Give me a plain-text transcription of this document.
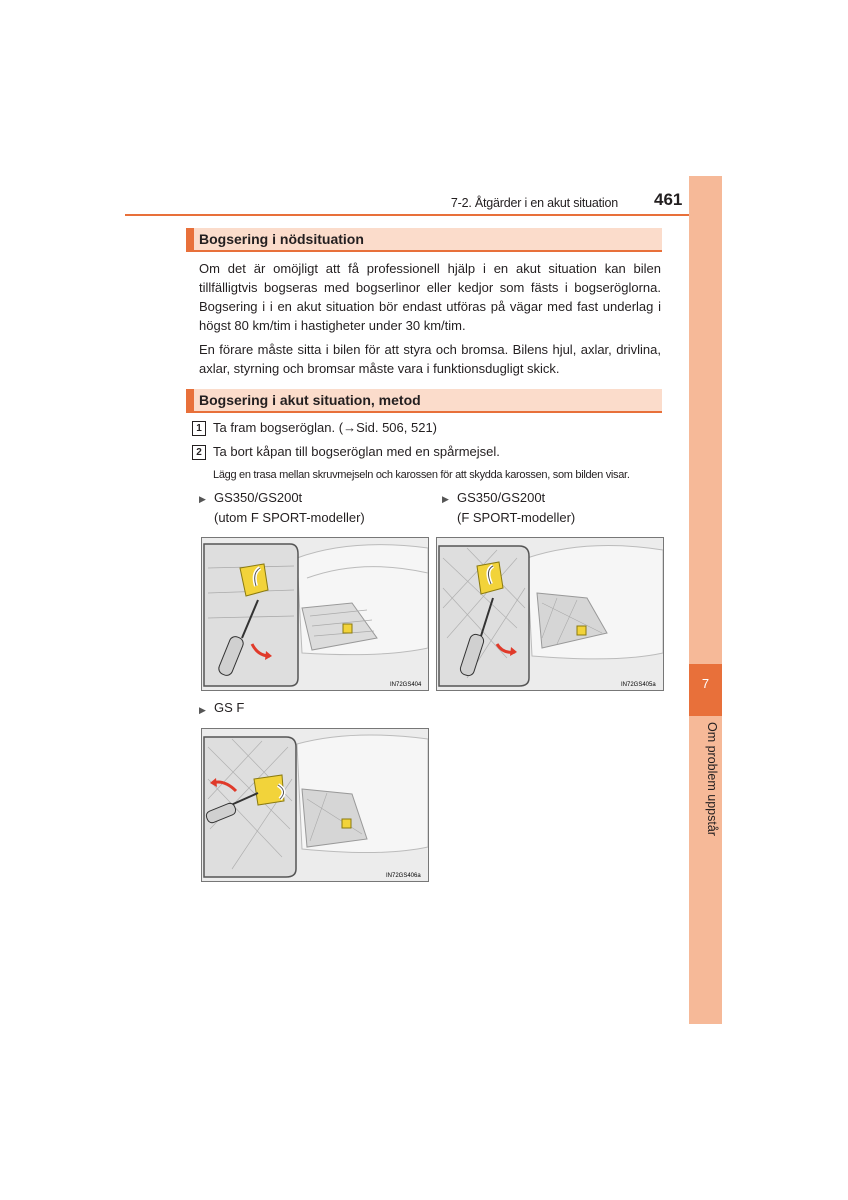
7-2. Åtgärder i en akut situation 461
7
Om problem uppstår
Bogsering i nödsituation
Om det är omöjligt att få professionell hjälp i en akut situation kan bilen tillfälligtvis bogseras med bogserlinor eller kedjor som fästs i bogseröglorna. Bogsering i i en akut situation bör endast utföras på vägar med fast underlag i högst 80 km/tim i hastigheter under 30 km/tim.
En förare måste sitta i bilen för att styra och bromsa. Bilens hjul, axlar, drivlina, axlar, styrning och bromsar måste vara i funktionsdugligt skick.
Bogsering i akut situation, metod
1 Ta fram bogseröglan. (→Sid. 506, 521)
2 Ta bort kåpan till bogseröglan med en spårmejsel.
Lägg en trasa mellan skruvmejseln och karossen för att skydda karossen, som bilden visar.
▶ GS350/GS200t
(utom F SPORT-modeller)
▶ GS350/GS200t
(F SPORT-modeller)
IN72GS404	IN72GS405a
▶ GS F
IN72GS406a
